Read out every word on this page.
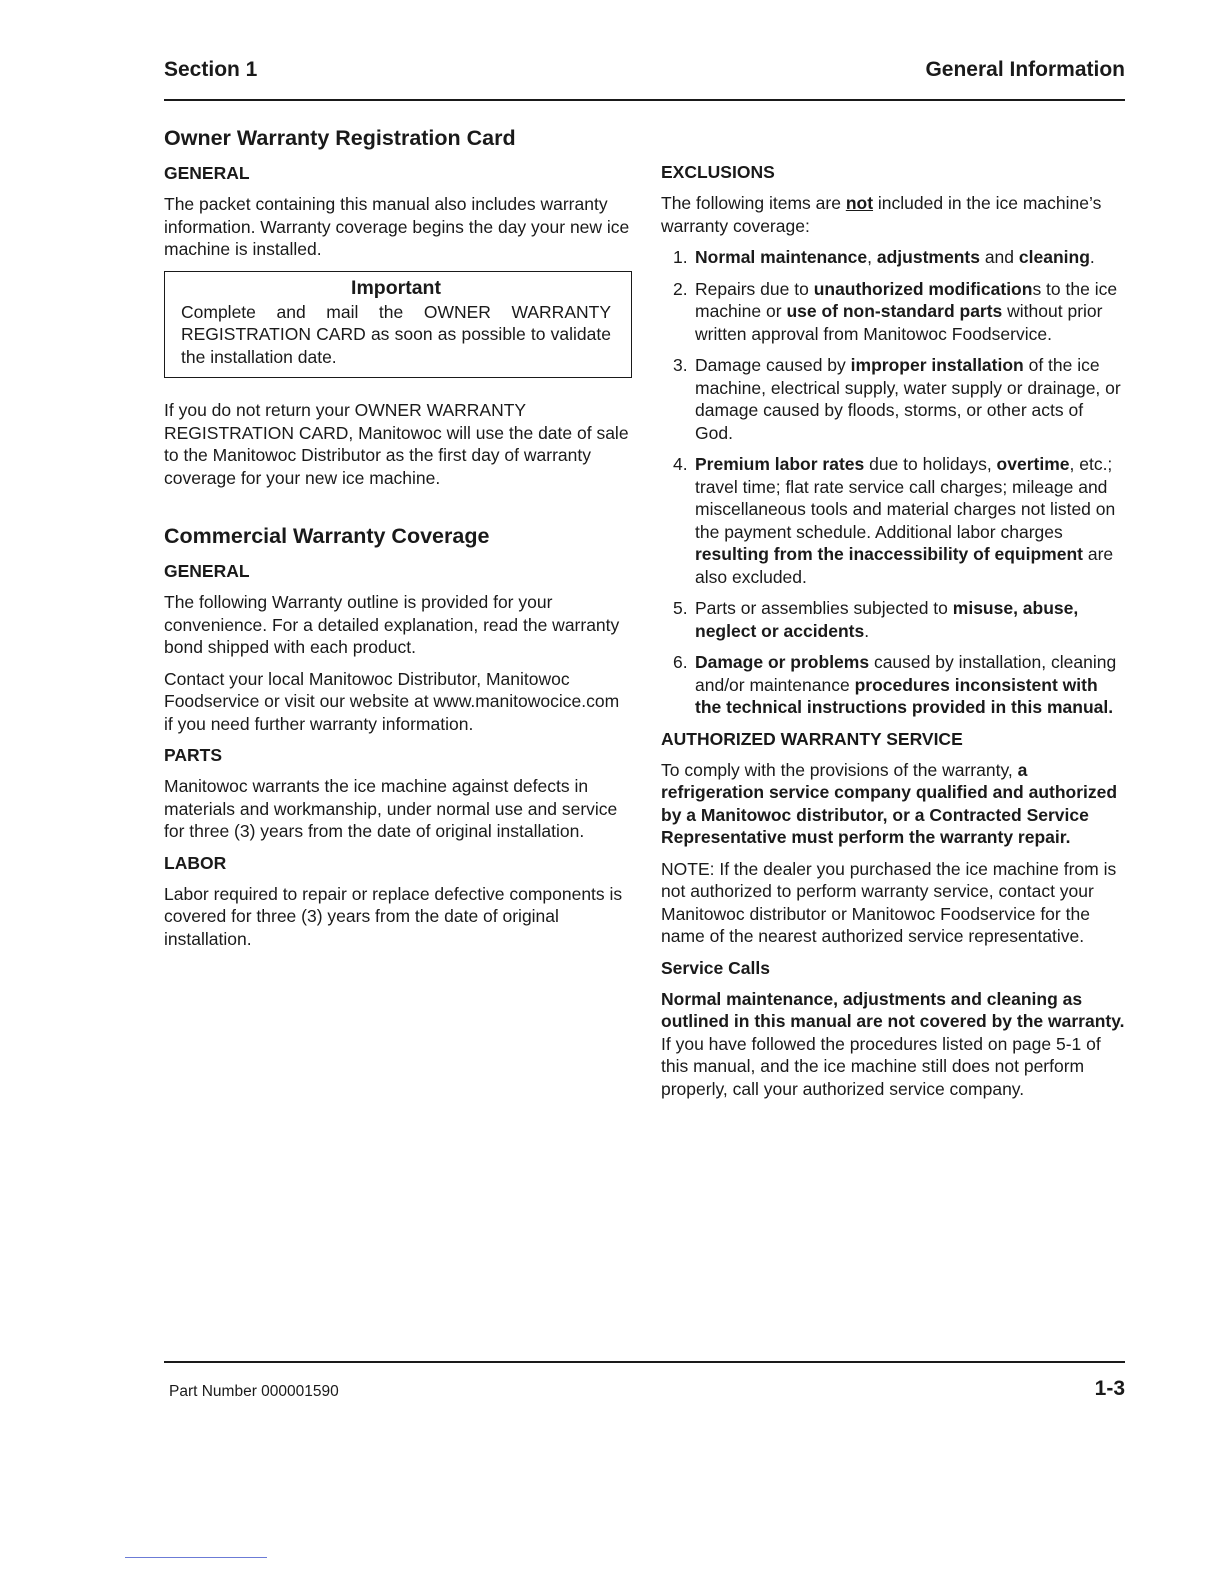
Section 1	General Information
Owner Warranty Registration Card
GENERAL

The packet containing this manual also includes warranty information. Warranty coverage begins the day your new ice machine is installed.

Important
Complete and mail the OWNER WARRANTY REGISTRATION CARD as soon as possible to validate the installation date.

If you do not return your OWNER WARRANTY REGISTRATION CARD, Manitowoc will use the date of sale to the Manitowoc Distributor as the first day of warranty coverage for your new ice machine.

Commercial Warranty Coverage
GENERAL

The following Warranty outline is provided for your convenience. For a detailed explanation, read the warranty bond shipped with each product.

Contact your local Manitowoc Distributor, Manitowoc Foodservice or visit our website at www.manitowocice.com if you need further warranty information.

PARTS

Manitowoc warrants the ice machine against defects in materials and workmanship, under normal use and service for three (3) years from the date of original installation.

LABOR

Labor required to repair or replace defective components is covered for three (3) years from the date of original installation.

EXCLUSIONS

The following items are not included in the ice machine’s warranty coverage:

1. Normal maintenance, adjustments and cleaning.
2. Repairs due to unauthorized modifications to the ice machine or use of non-standard parts without prior written approval from Manitowoc Foodservice.
3. Damage caused by improper installation of the ice machine, electrical supply, water supply or drainage, or damage caused by floods, storms, or other acts of God.
4. Premium labor rates due to holidays, overtime, etc.; travel time; flat rate service call charges; mileage and miscellaneous tools and material charges not listed on the payment schedule. Additional labor charges resulting from the inaccessibility of equipment are also excluded.
5. Parts or assemblies subjected to misuse, abuse, neglect or accidents.
6. Damage or problems caused by installation, cleaning and/or maintenance procedures inconsistent with the technical instructions provided in this manual.
AUTHORIZED WARRANTY SERVICE

To comply with the provisions of the warranty, a refrigeration service company qualified and authorized by a Manitowoc distributor, or a Contracted Service Representative must perform the warranty repair.

NOTE: If the dealer you purchased the ice machine from is not authorized to perform warranty service, contact your Manitowoc distributor or Manitowoc Foodservice for the name of the nearest authorized service representative.

Service Calls

Normal maintenance, adjustments and cleaning as outlined in this manual are not covered by the warranty. If you have followed the procedures listed on page 5-1 of this manual, and the ice machine still does not perform properly, call your authorized service company.

Part Number 000001590	1-3
